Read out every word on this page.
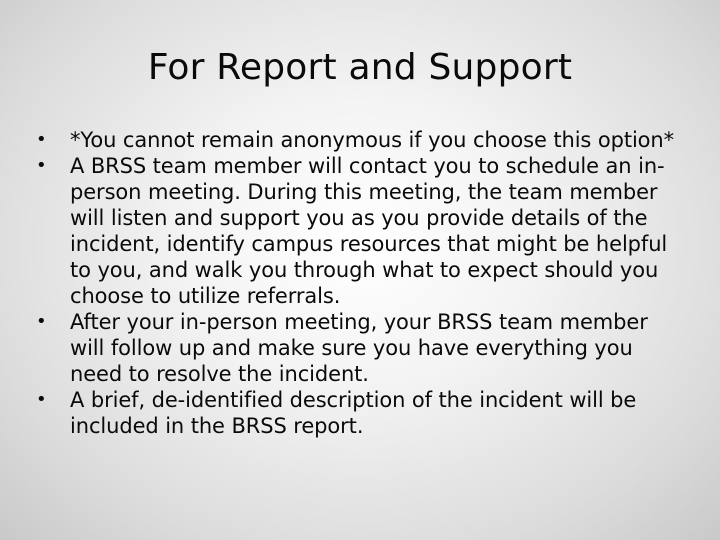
For Report and Support
•	*You cannot remain anonymous if you choose this option*
•	A BRSS team member will contact you to schedule an in-person meeting. During this meeting, the team member will listen and support you as you provide details of the incident, identify campus resources that might be helpful to you, and walk you through what to expect should you choose to utilize referrals.
•	After your in-person meeting, your BRSS team member will follow up and make sure you have everything you need to resolve the incident.
•	A brief, de-identified description of the incident will be included in the BRSS report.
